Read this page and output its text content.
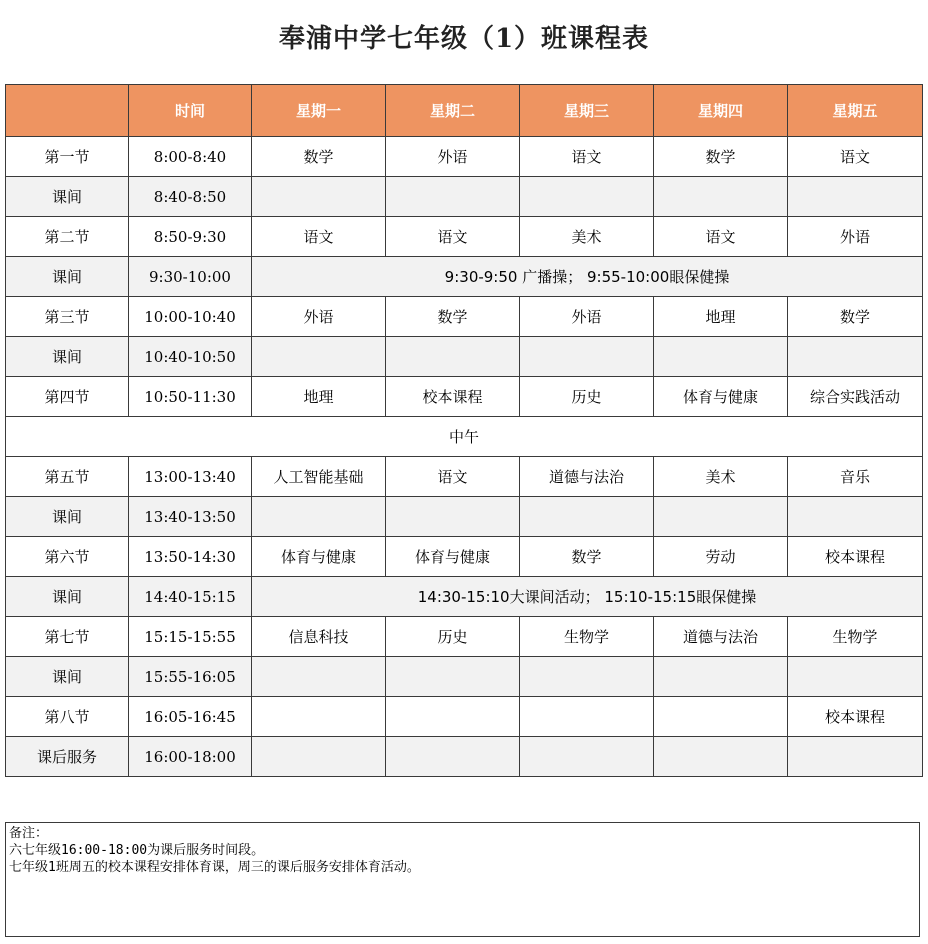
奉浦中学七年级（1）班课程表
	时间	星期一	星期二	星期三	星期四	星期五
第一节	8:00-8:40	数学	外语	语文	数学	语文
课间	8:40-8:50					
第二节	8:50-9:30	语文	语文	美术	语文	外语
课间	9:30-10:00	9:30-9:50 广播操； 9:55-10:00眼保健操				
第三节	10:00-10:40	外语	数学	外语	地理	数学
课间	10:40-10:50					
第四节	10:50-11:30	地理	校本课程	历史	体育与健康	综合实践活动
中午						
第五节	13:00-13:40	人工智能基础	语文	道德与法治	美术	音乐
课间	13:40-13:50					
第六节	13:50-14:30	体育与健康	体育与健康	数学	劳动	校本课程
课间	14:40-15:15	14:30-15:10大课间活动； 15:10-15:15眼保健操				
第七节	15:15-15:55	信息科技	历史	生物学	道德与法治	生物学
课间	15:55-16:05					
第八节	16:05-16:45					校本课程
课后服务	16:00-18:00					
备注：
六七年级16:00-18:00为课后服务时间段。
七年级1班周五的校本课程安排体育课，周三的课后服务安排体育活动。
